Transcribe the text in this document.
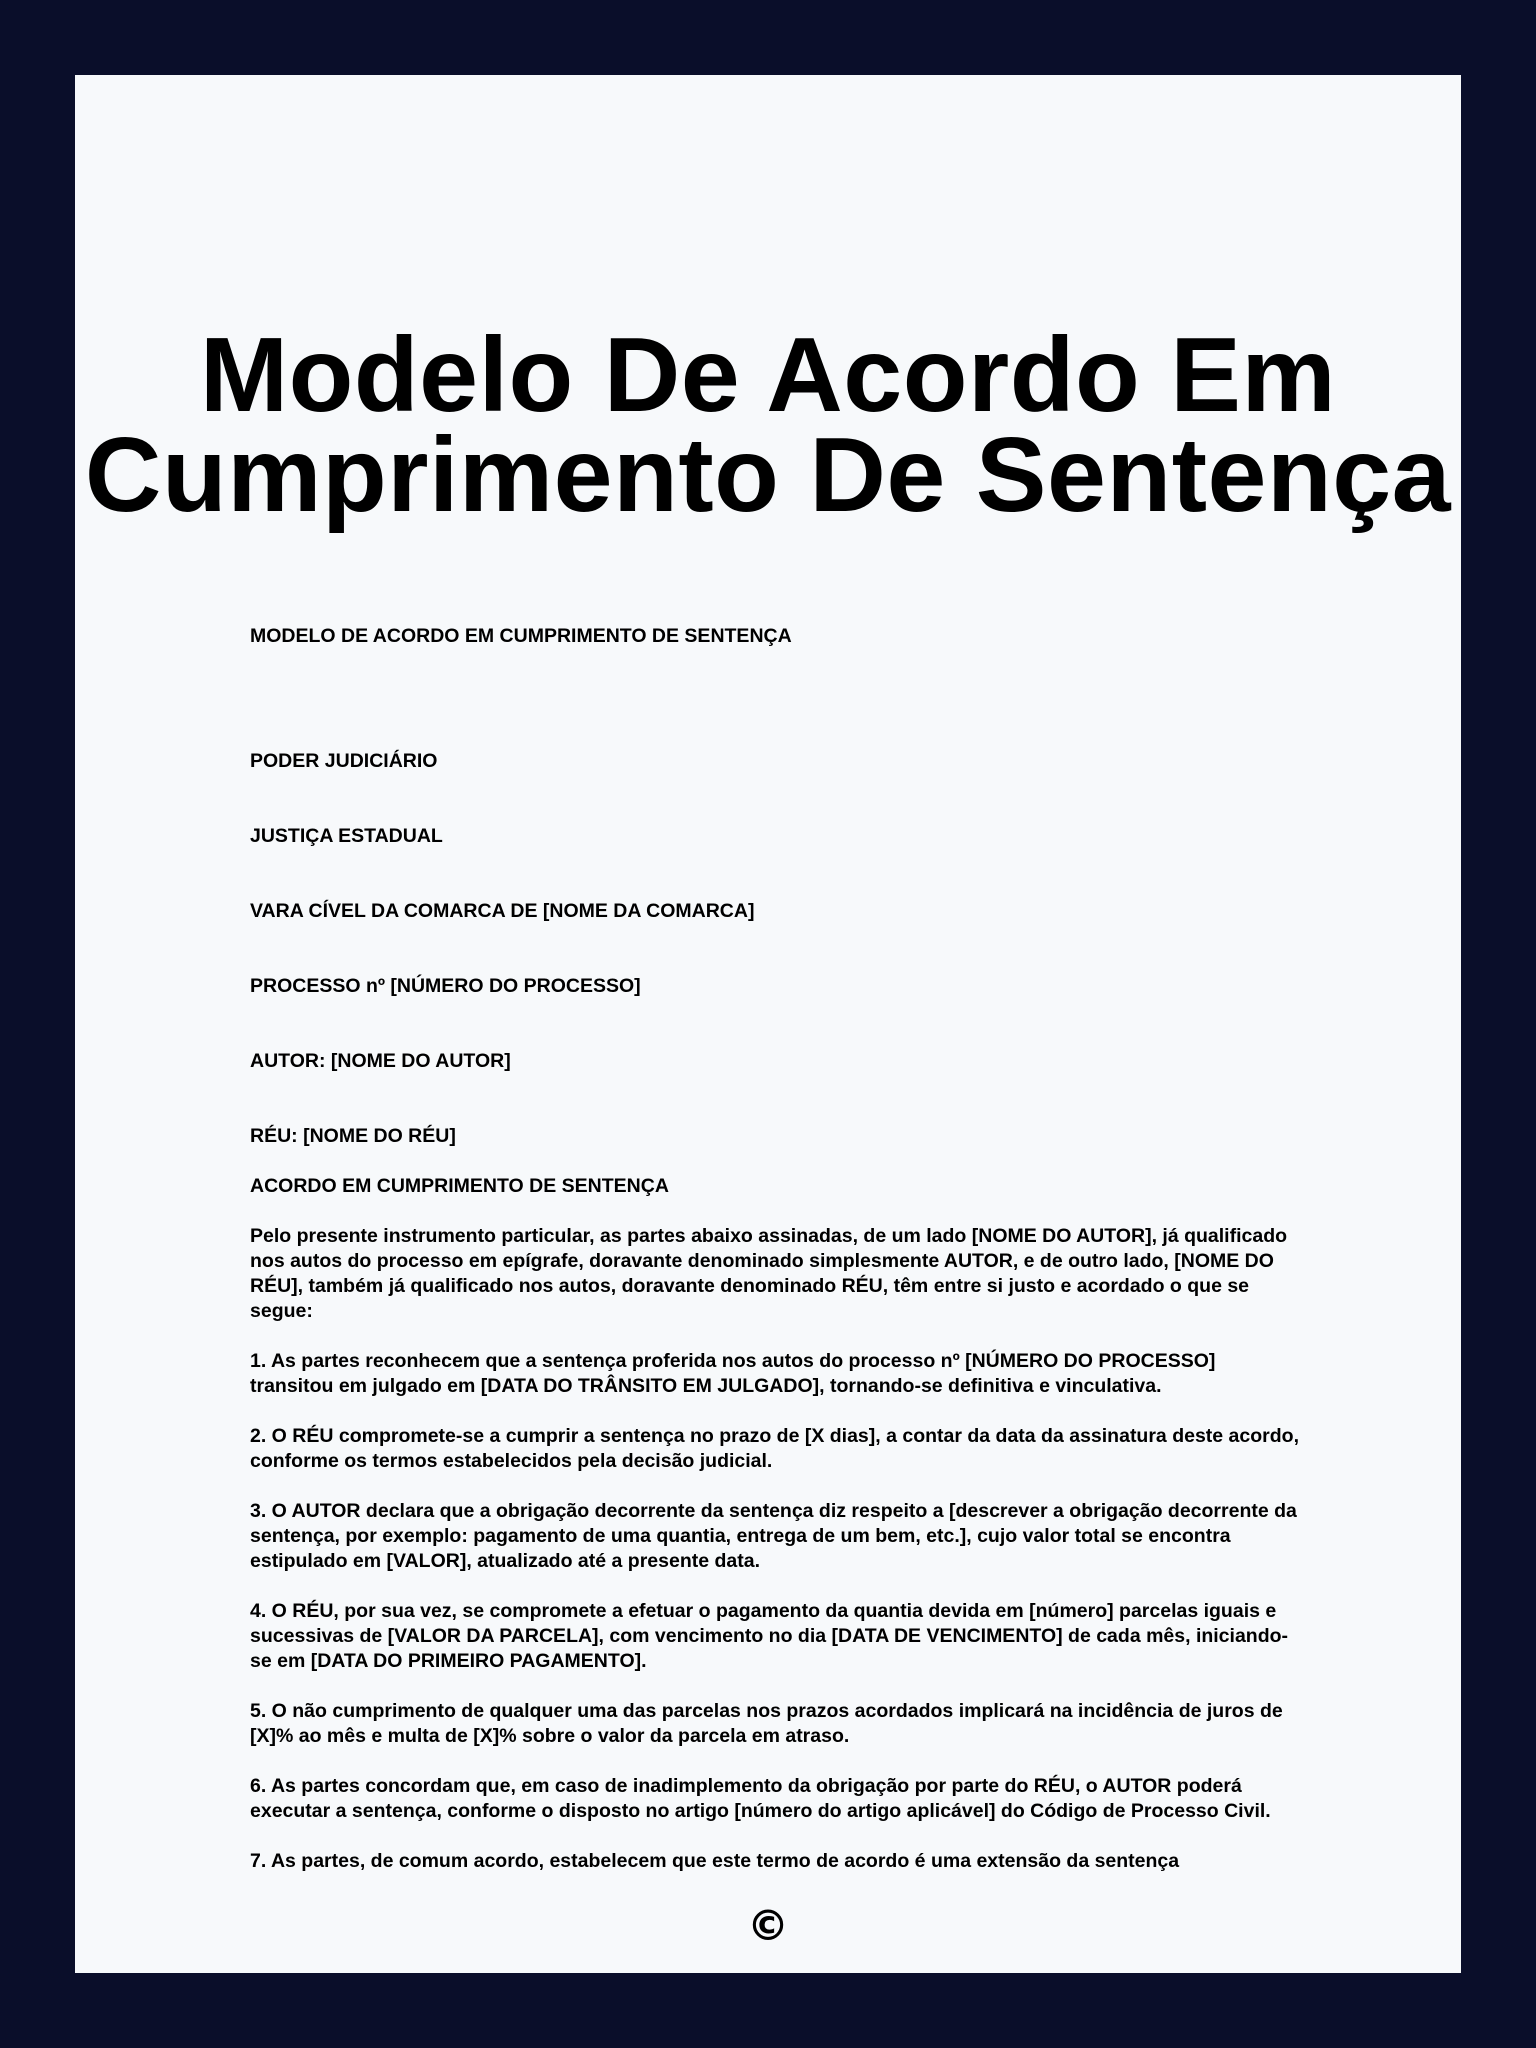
Modelo De Acordo Em
Cumprimento De Sentença

MODELO DE ACORDO EM CUMPRIMENTO DE SENTENÇA

PODER JUDICIÁRIO

JUSTIÇA ESTADUAL

VARA CÍVEL DA COMARCA DE [NOME DA COMARCA]

PROCESSO nº [NÚMERO DO PROCESSO]

AUTOR: [NOME DO AUTOR]

RÉU: [NOME DO RÉU]

ACORDO EM CUMPRIMENTO DE SENTENÇA

Pelo presente instrumento particular, as partes abaixo assinadas, de um lado [NOME DO AUTOR], já qualificado nos autos do processo em epígrafe, doravante denominado simplesmente AUTOR, e de outro lado, [NOME DO RÉU], também já qualificado nos autos, doravante denominado RÉU, têm entre si justo e acordado o que se segue:

1. As partes reconhecem que a sentença proferida nos autos do processo nº [NÚMERO DO PROCESSO] transitou em julgado em [DATA DO TRÂNSITO EM JULGADO], tornando-se definitiva e vinculativa.

2. O RÉU compromete-se a cumprir a sentença no prazo de [X dias], a contar da data da assinatura deste acordo, conforme os termos estabelecidos pela decisão judicial.

3. O AUTOR declara que a obrigação decorrente da sentença diz respeito a [descrever a obrigação decorrente da sentença, por exemplo: pagamento de uma quantia, entrega de um bem, etc.], cujo valor total se encontra estipulado em [VALOR], atualizado até a presente data.

4. O RÉU, por sua vez, se compromete a efetuar o pagamento da quantia devida em [número] parcelas iguais e sucessivas de [VALOR DA PARCELA], com vencimento no dia [DATA DE VENCIMENTO] de cada mês, iniciando-se em [DATA DO PRIMEIRO PAGAMENTO].

5. O não cumprimento de qualquer uma das parcelas nos prazos acordados implicará na incidência de juros de [X]% ao mês e multa de [X]% sobre o valor da parcela em atraso.

6. As partes concordam que, em caso de inadimplemento da obrigação por parte do RÉU, o AUTOR poderá executar a sentença, conforme o disposto no artigo [número do artigo aplicável] do Código de Processo Civil.

7. As partes, de comum acordo, estabelecem que este termo de acordo é uma extensão da sentença

©
